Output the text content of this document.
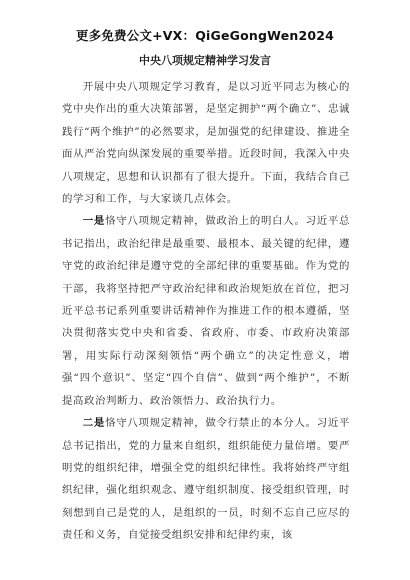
更多免费公文+VX：QiGeGongWen2024
中央八项规定精神学习发言

开展中央八项规定学习教育，是以习近平同志为核心的党中央作出的重大决策部署，是坚定拥护“两个确立”、忠诚践行“两个维护”的必然要求，是加强党的纪律建设、推进全面从严治党向纵深发展的重要举措。近段时间，我深入中央八项规定，思想和认识都有了很大提升。下面，我结合自己的学习和工作，与大家谈几点体会。

一是恪守八项规定精神，做政治上的明白人。习近平总书记指出，政治纪律是最重要、最根本、最关键的纪律，遵守党的政治纪律是遵守党的全部纪律的重要基础。作为党的干部，我将坚持把严守政治纪律和政治规矩放在首位，把习近平总书记系列重要讲话精神作为推进工作的根本遵循，坚决贯彻落实党中央和省委、省政府、市委、市政府决策部署，用实际行动深刻领悟“两个确立”的决定性意义，增强“四个意识”、坚定“四个自信”、做到“两个维护”，不断提高政治判断力、政治领悟力、政治执行力。

二是恪守八项规定精神，做令行禁止的本分人。习近平总书记指出，党的力量来自组织，组织能使力量倍增。要严明党的组织纪律，增强全党的组织纪律性。我将始终严守组织纪律，强化组织观念、遵守组织制度、接受组织管理，时刻想到自己是党的人，是组织的一员，时刻不忘自己应尽的责任和义务，自觉接受组织安排和纪律约束，该
